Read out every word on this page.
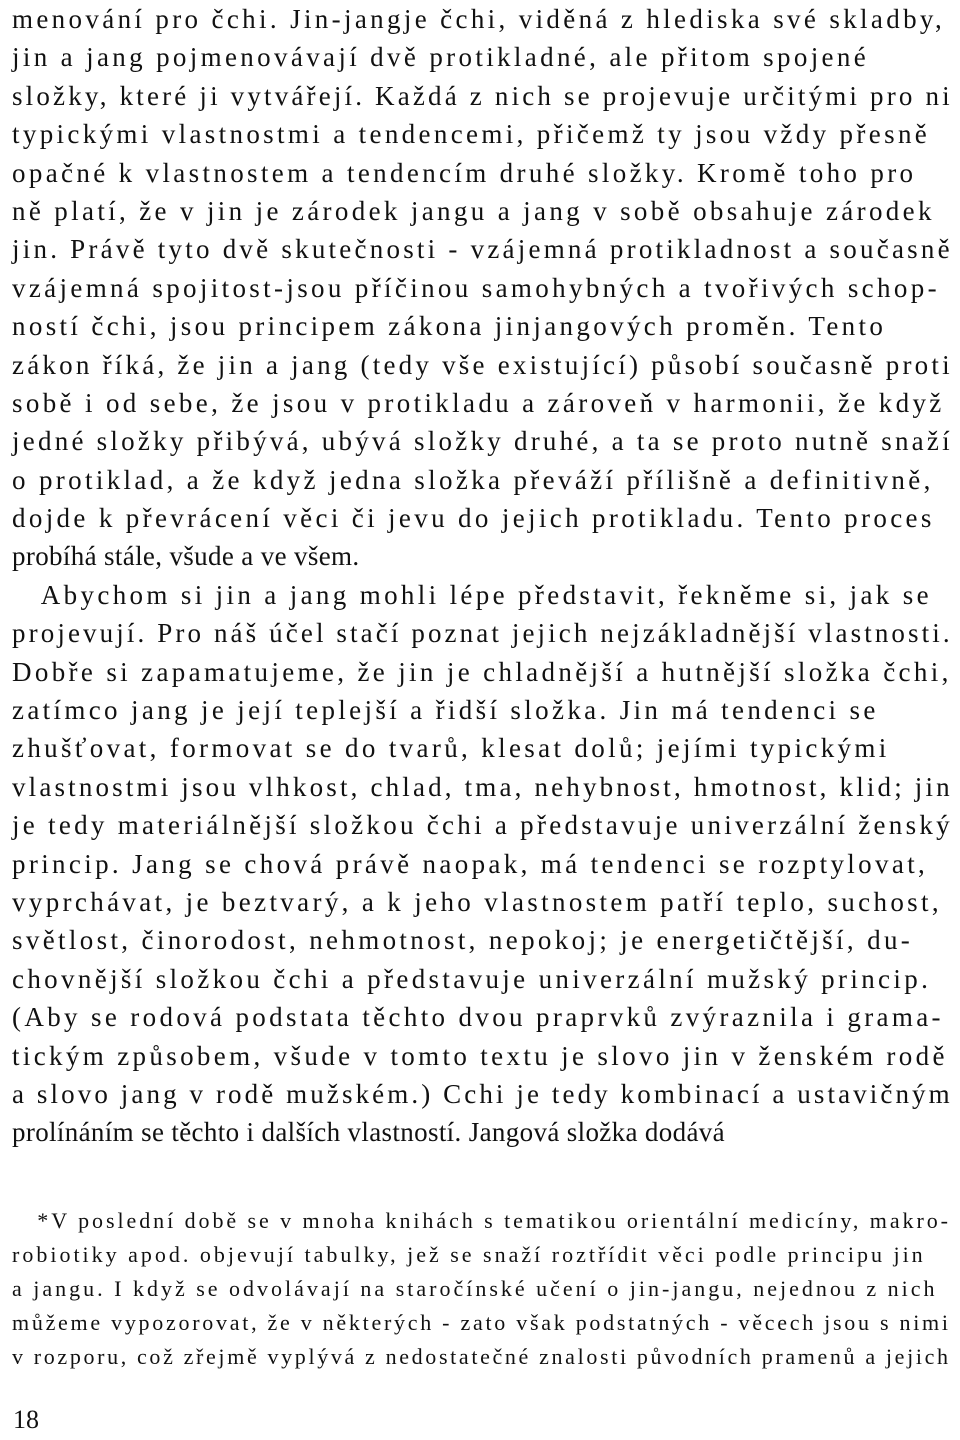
menování pro čchi. Jin-jangje čchi, viděná z hlediska své skladby,
jin a jang pojmenovávají dvě protikladné, ale přitom spojené
složky, které ji vytvářejí. Každá z nich se projevuje určitými pro ni
typickými vlastnostmi a tendencemi, přičemž ty jsou vždy přesně
opačné k vlastnostem a tendencím druhé složky. Kromě toho pro
ně platí, že v jin je zárodek jangu a jang v sobě obsahuje zárodek
jin. Právě tyto dvě skutečnosti - vzájemná protikladnost a současně
vzájemná spojitost-jsou příčinou samohybných a tvořivých schop-
ností čchi, jsou principem zákona jinjangových proměn. Tento
zákon říká, že jin a jang (tedy vše existující) působí současně proti
sobě i od sebe, že jsou v protikladu a zároveň v harmonii, že když
jedné složky přibývá, ubývá složky druhé, a ta se proto nutně snaží
o protiklad, a že když jedna složka převáží přílišně a definitivně,
dojde k převrácení věci či jevu do jejich protikladu. Tento proces
probíhá stále, všude a ve všem.
Abychom si jin a jang mohli lépe představit, řekněme si, jak se
projevují. Pro náš účel stačí poznat jejich nejzákladnější vlastnosti.
Dobře si zapamatujeme, že jin je chladnější a hutnější složka čchi,
zatímco jang je její teplejší a řidší složka. Jin má tendenci se
zhušťovat, formovat se do tvarů, klesat dolů; jejími typickými
vlastnostmi jsou vlhkost, chlad, tma, nehybnost, hmotnost, klid; jin
je tedy materiálnější složkou čchi a představuje univerzální ženský
princip. Jang se chová právě naopak, má tendenci se rozptylovat,
vyprchávat, je beztvarý, a k jeho vlastnostem patří teplo, suchost,
světlost, činorodost, nehmotnost, nepokoj; je energetičtější, du-
chovnější složkou čchi a představuje univerzální mužský princip.
(Aby se rodová podstata těchto dvou praprvků zvýraznila i grama-
tickým způsobem, všude v tomto textu je slovo jin v ženském rodě
a slovo jang v rodě mužském.) Cchi je tedy kombinací a ustavičným
prolínáním se těchto i dalších vlastností. Jangová složka dodává
*V poslední době se v mnoha knihách s tematikou orientální medicíny, makro-
robiotiky apod. objevují tabulky, jež se snaží roztřídit věci podle principu jin
a jangu. I když se odvolávají na staročínské učení o jin-jangu, nejednou z nich
můžeme vypozorovat, že v některých - zato však podstatných - věcech jsou s nimi
v rozporu, což zřejmě vyplývá z nedostatečné znalosti původních pramenů a jejich
18
